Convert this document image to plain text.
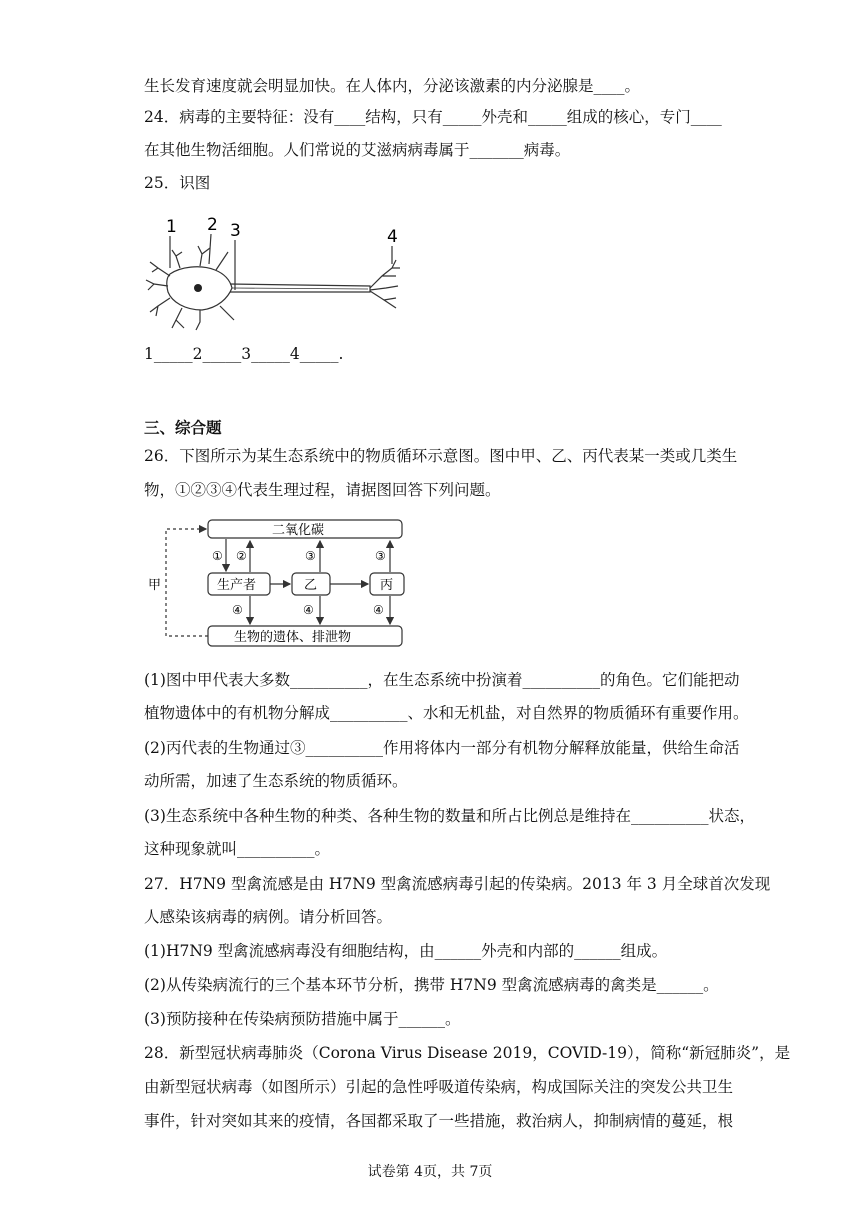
生长发育速度就会明显加快。在人体内，分泌该激素的内分泌腺是____。
24．病毒的主要特征：没有____结构，只有_____外壳和_____组成的核心，专门____
在其他生物活细胞。人们常说的艾滋病病毒属于_______病毒。
25．识图
1 2 3	4
1_____2_____3_____4_____.
三、综合题
26．下图所示为某生态系统中的物质循环示意图。图中甲、乙、丙代表某一类或几类生
物，①②③④代表生理过程，请据图回答下列问题。
二氧化碳
生物的遗体、排泄物
生产者	乙	丙
甲
① ②	③	③
④	④	④
(1)图中甲代表大多数__________，在生态系统中扮演着__________的角色。它们能把动
植物遗体中的有机物分解成__________、水和无机盐，对自然界的物质循环有重要作用。
(2)丙代表的生物通过③__________作用将体内一部分有机物分解释放能量，供给生命活
动所需，加速了生态系统的物质循环。
(3)生态系统中各种生物的种类、各种生物的数量和所占比例总是维持在__________状态，
这种现象就叫__________。
27．H7N9 型禽流感是由 H7N9 型禽流感病毒引起的传染病。2013 年 3 月全球首次发现
人感染该病毒的病例。请分析回答。
(1)H7N9 型禽流感病毒没有细胞结构，由______外壳和内部的______组成。
(2)从传染病流行的三个基本环节分析，携带 H7N9 型禽流感病毒的禽类是______。
(3)预防接种在传染病预防措施中属于______。
28．新型冠状病毒肺炎（Corona Virus Disease 2019，COVID-19），简称“新冠肺炎”，是
由新型冠状病毒（如图所示）引起的急性呼吸道传染病，构成国际关注的突发公共卫生
事件，针对突如其来的疫情，各国都采取了一些措施，救治病人，抑制病情的蔓延，根
试卷第 4页，共 7页
